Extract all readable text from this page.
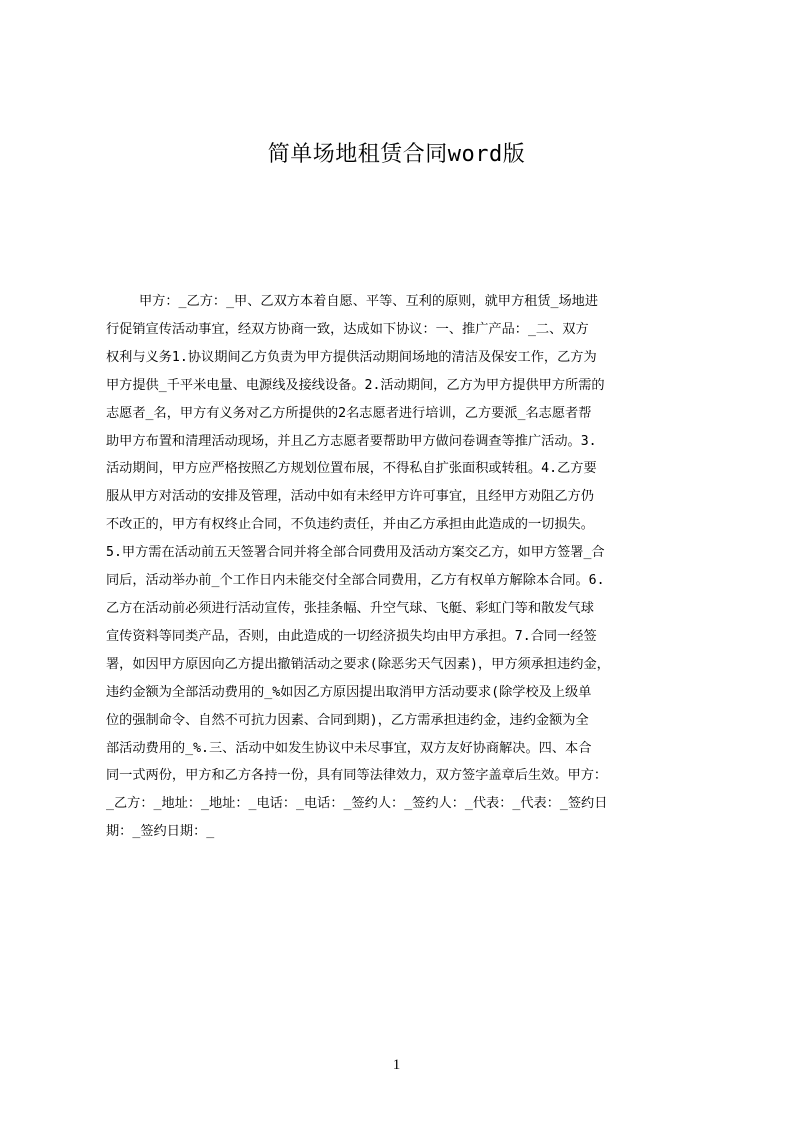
简单场地租赁合同word版
甲方：_乙方：_甲、乙双方本着自愿、平等、互利的原则，就甲方租赁_场地进
行促销宣传活动事宜，经双方协商一致，达成如下协议：一、推广产品：_二、双方
权利与义务1.协议期间乙方负责为甲方提供活动期间场地的清洁及保安工作，乙方为
甲方提供_千平米电量、电源线及接线设备。2.活动期间，乙方为甲方提供甲方所需的
志愿者_名，甲方有义务对乙方所提供的2名志愿者进行培训，乙方要派_名志愿者帮
助甲方布置和清理活动现场，并且乙方志愿者要帮助甲方做问卷调查等推广活动。3.
活动期间，甲方应严格按照乙方规划位置布展，不得私自扩张面积或转租。4.乙方要
服从甲方对活动的安排及管理，活动中如有未经甲方许可事宜，且经甲方劝阻乙方仍
不改正的，甲方有权终止合同，不负违约责任，并由乙方承担由此造成的一切损失。
5.甲方需在活动前五天签署合同并将全部合同费用及活动方案交乙方，如甲方签署_合
同后，活动举办前_个工作日内未能交付全部合同费用，乙方有权单方解除本合同。6.
乙方在活动前必须进行活动宣传，张挂条幅、升空气球、飞艇、彩虹门等和散发气球
宣传资料等同类产品，否则，由此造成的一切经济损失均由甲方承担。7.合同一经签
署，如因甲方原因向乙方提出撤销活动之要求(除恶劣天气因素)，甲方须承担违约金，
违约金额为全部活动费用的_%如因乙方原因提出取消甲方活动要求(除学校及上级单
位的强制命令、自然不可抗力因素、合同到期)，乙方需承担违约金，违约金额为全
部活动费用的_%.三、活动中如发生协议中未尽事宜，双方友好协商解决。四、本合
同一式两份，甲方和乙方各持一份，具有同等法律效力，双方签字盖章后生效。甲方：
_乙方：_地址：_地址：_电话：_电话：_签约人：_签约人：_代表：_代表：_签约日
期：_签约日期：_
1
